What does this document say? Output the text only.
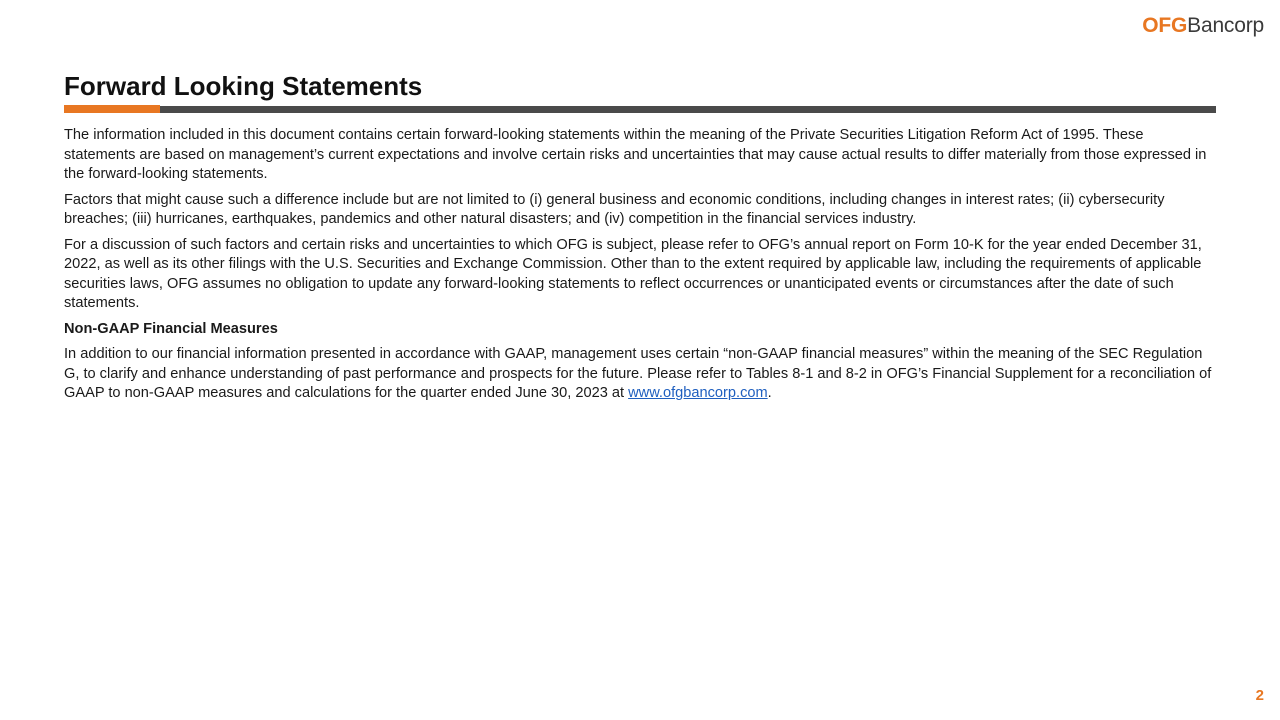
OFGBancorp
Forward Looking Statements

The information included in this document contains certain forward-looking statements within the meaning of the Private Securities Litigation Reform Act of 1995. These statements are based on management’s current expectations and involve certain risks and uncertainties that may cause actual results to differ materially from those expressed in the forward-looking statements.

Factors that might cause such a difference include but are not limited to (i) general business and economic conditions, including changes in interest rates; (ii) cybersecurity breaches; (iii) hurricanes, earthquakes, pandemics and other natural disasters; and (iv) competition in the financial services industry.

For a discussion of such factors and certain risks and uncertainties to which OFG is subject, please refer to OFG’s annual report on Form 10-K for the year ended December 31, 2022, as well as its other filings with the U.S. Securities and Exchange Commission. Other than to the extent required by applicable law, including the requirements of applicable securities laws, OFG assumes no obligation to update any forward-looking statements to reflect occurrences or unanticipated events or circumstances after the date of such statements.

Non-GAAP Financial Measures

In addition to our financial information presented in accordance with GAAP, management uses certain “non-GAAP financial measures” within the meaning of the SEC Regulation G, to clarify and enhance understanding of past performance and prospects for the future. Please refer to Tables 8-1 and 8-2 in OFG’s Financial Supplement for a reconciliation of GAAP to non-GAAP measures and calculations for the quarter ended June 30, 2023 at www.ofgbancorp.com.

2
